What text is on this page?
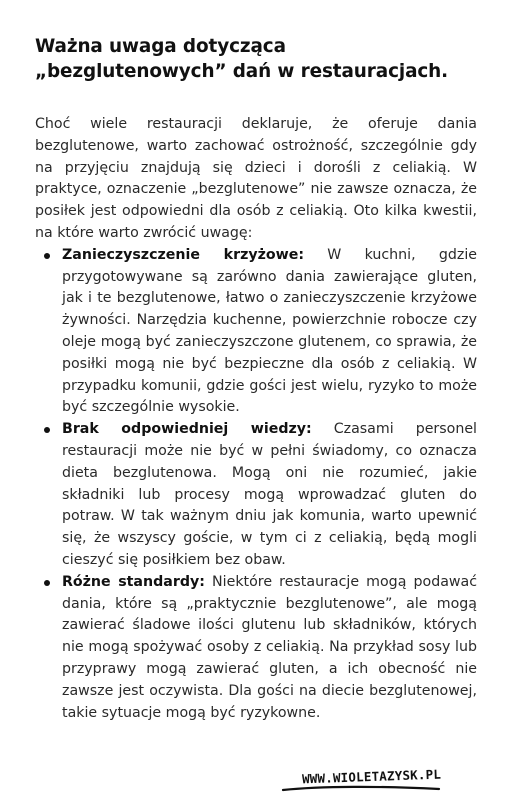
Ważna uwaga dotycząca „bezglutenowych” dań w restauracjach.

Choć wiele restauracji deklaruje, że oferuje dania bezglutenowe, warto zachować ostrożność, szczególnie gdy na przyjęciu znajdują się dzieci i dorośli z celiakią. W praktyce, oznaczenie „bezglutenowe” nie zawsze oznacza, że posiłek jest odpowiedni dla osób z celiakią. Oto kilka kwestii, na które warto zwrócić uwagę:

Zanieczyszczenie krzyżowe: W kuchni, gdzie przygotowywane są zarówno dania zawierające gluten, jak i te bezglutenowe, łatwo o zanieczyszczenie krzyżowe żywności. Narzędzia kuchenne, powierzchnie robocze czy oleje mogą być zanieczyszczone glutenem, co sprawia, że posiłki mogą nie być bezpieczne dla osób z celiakią. W przypadku komunii, gdzie gości jest wielu, ryzyko to może być szczególnie wysokie.
Brak odpowiedniej wiedzy: Czasami personel restauracji może nie być w pełni świadomy, co oznacza dieta bezglutenowa. Mogą oni nie rozumieć, jakie składniki lub procesy mogą wprowadzać gluten do potraw. W tak ważnym dniu jak komunia, warto upewnić się, że wszyscy goście, w tym ci z celiakią, będą mogli cieszyć się posiłkiem bez obaw.
Różne standardy: Niektóre restauracje mogą podawać dania, które są „praktycznie bezglutenowe”, ale mogą zawierać śladowe ilości glutenu lub składników, których nie mogą spożywać osoby z celiakią. Na przykład sosy lub przyprawy mogą zawierać gluten, a ich obecność nie zawsze jest oczywista. Dla gości na diecie bezglutenowej, takie sytuacje mogą być ryzykowne.
WWW.WIOLETAZYSK.PL
